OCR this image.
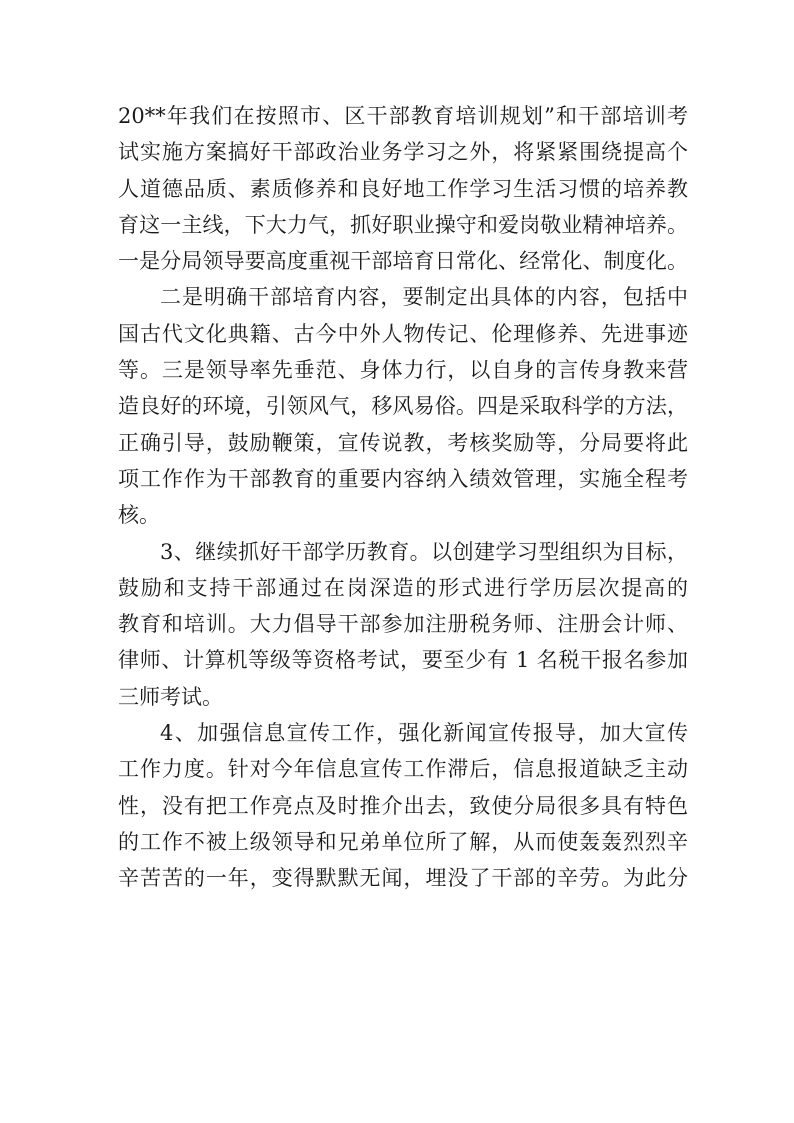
20**年我们在按照市、区干部教育培训规划”和干部培训考
试实施方案搞好干部政治业务学习之外，将紧紧围绕提高个
人道德品质、素质修养和良好地工作学习生活习惯的培养教
育这一主线，下大力气，抓好职业操守和爱岗敬业精神培养。
一是分局领导要高度重视干部培育日常化、经常化、制度化。
二是明确干部培育内容，要制定出具体的内容，包括中
国古代文化典籍、古今中外人物传记、伦理修养、先进事迹
等。三是领导率先垂范、身体力行，以自身的言传身教来营
造良好的环境，引领风气，移风易俗。四是采取科学的方法，
正确引导，鼓励鞭策，宣传说教，考核奖励等，分局要将此
项工作作为干部教育的重要内容纳入绩效管理，实施全程考
核。
3、继续抓好干部学历教育。以创建学习型组织为目标，
鼓励和支持干部通过在岗深造的形式进行学历层次提高的
教育和培训。大力倡导干部参加注册税务师、注册会计师、
律师、计算机等级等资格考试，要至少有 1 名税干报名参加
三师考试。
4、加强信息宣传工作，强化新闻宣传报导，加大宣传
工作力度。针对今年信息宣传工作滞后，信息报道缺乏主动
性，没有把工作亮点及时推介出去，致使分局很多具有特色
的工作不被上级领导和兄弟单位所了解，从而使轰轰烈烈辛
辛苦苦的一年，变得默默无闻，埋没了干部的辛劳。为此分
